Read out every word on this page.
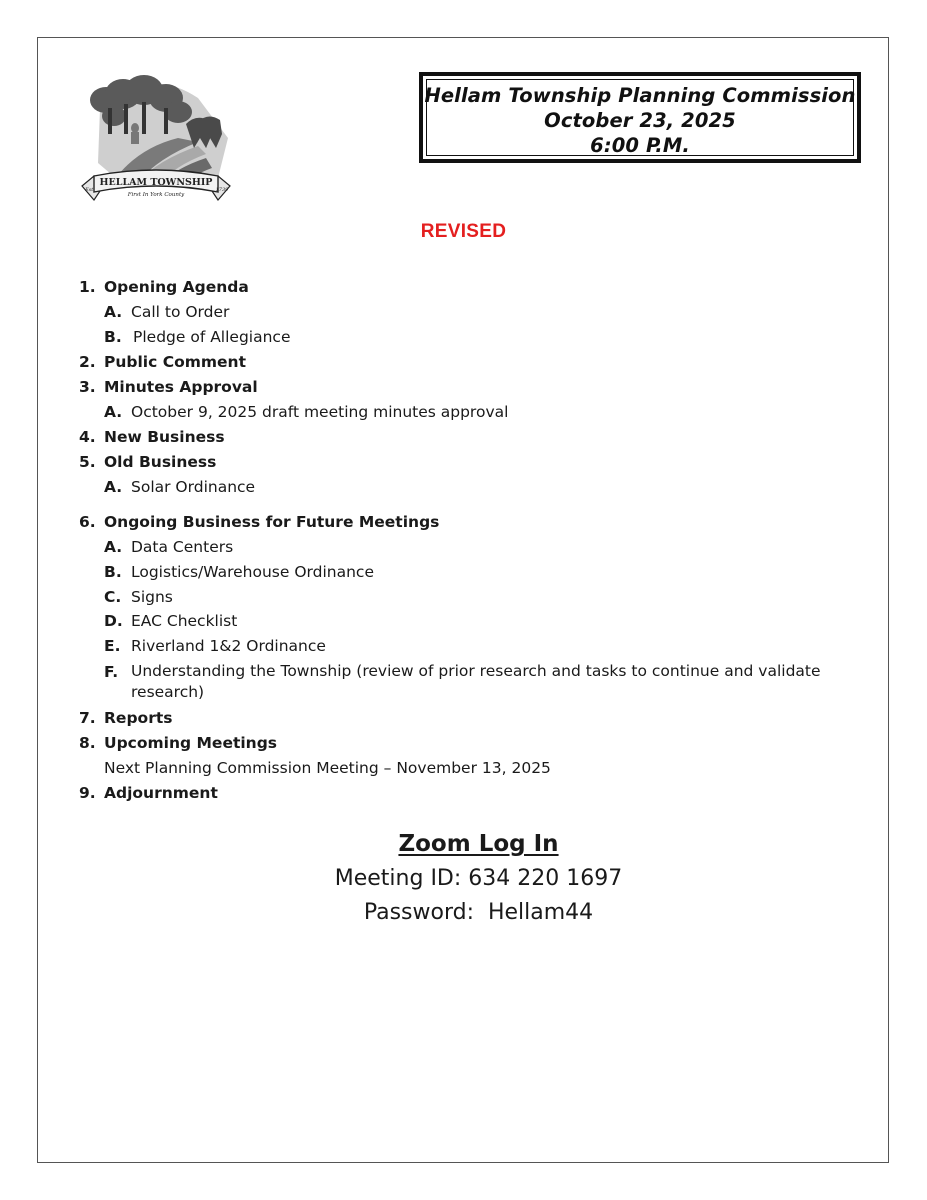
HELLAM TOWNSHIP
First In York County
Est.	1739
Hellam Township Planning Commission
October 23, 2025
6:00 P.M.
REVISED
1. Opening Agenda
A. Call to Order
B. Pledge of Allegiance
2. Public Comment
3. Minutes Approval
A. October 9, 2025 draft meeting minutes approval
4. New Business
5. Old Business
A. Solar Ordinance
6. Ongoing Business for Future Meetings
A. Data Centers
B. Logistics/Warehouse Ordinance
C. Signs
D. EAC Checklist
E. Riverland 1&2 Ordinance
F. Understanding the Township (review of prior research and tasks to continue and validate research)
7. Reports
8. Upcoming Meetings
Next Planning Commission Meeting – November 13, 2025
9. Adjournment
Zoom Log In
Meeting ID: 634 220 1697
Password:  Hellam44
